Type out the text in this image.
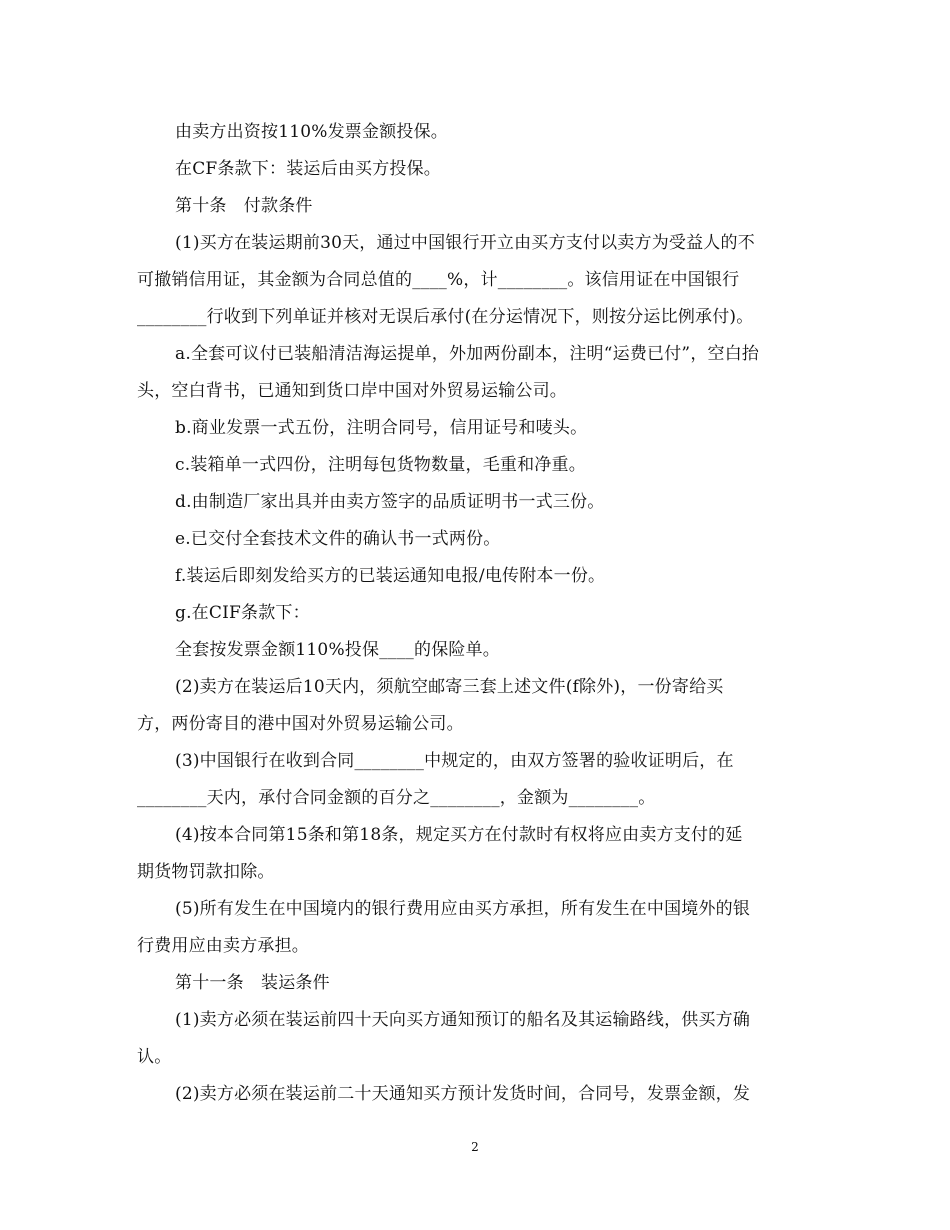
由卖方出资按110%发票金额投保。
在CF条款下：装运后由买方投保。
第十条　付款条件
(1)买方在装运期前30天，通过中国银行开立由买方支付以卖方为受益人的不
可撤销信用证，其金额为合同总值的____%，计________。该信用证在中国银行
________行收到下列单证并核对无误后承付(在分运情况下，则按分运比例承付)。
a.全套可议付已装船清洁海运提单，外加两份副本，注明“运费已付”，空白抬
头，空白背书，已通知到货口岸中国对外贸易运输公司。
b.商业发票一式五份，注明合同号，信用证号和唛头。
c.装箱单一式四份，注明每包货物数量，毛重和净重。
d.由制造厂家出具并由卖方签字的品质证明书一式三份。
e.已交付全套技术文件的确认书一式两份。
f.装运后即刻发给买方的已装运通知电报/电传附本一份。
g.在CIF条款下：
全套按发票金额110%投保____的保险单。
(2)卖方在装运后10天内，须航空邮寄三套上述文件(f除外)，一份寄给买
方，两份寄目的港中国对外贸易运输公司。
(3)中国银行在收到合同________中规定的，由双方签署的验收证明后，在
________天内，承付合同金额的百分之________，金额为________。
(4)按本合同第15条和第18条，规定买方在付款时有权将应由卖方支付的延
期货物罚款扣除。
(5)所有发生在中国境内的银行费用应由买方承担，所有发生在中国境外的银
行费用应由卖方承担。
第十一条　装运条件
(1)卖方必须在装运前四十天向买方通知预订的船名及其运输路线，供买方确
认。
(2)卖方必须在装运前二十天通知买方预计发货时间，合同号，发票金额，发
2
